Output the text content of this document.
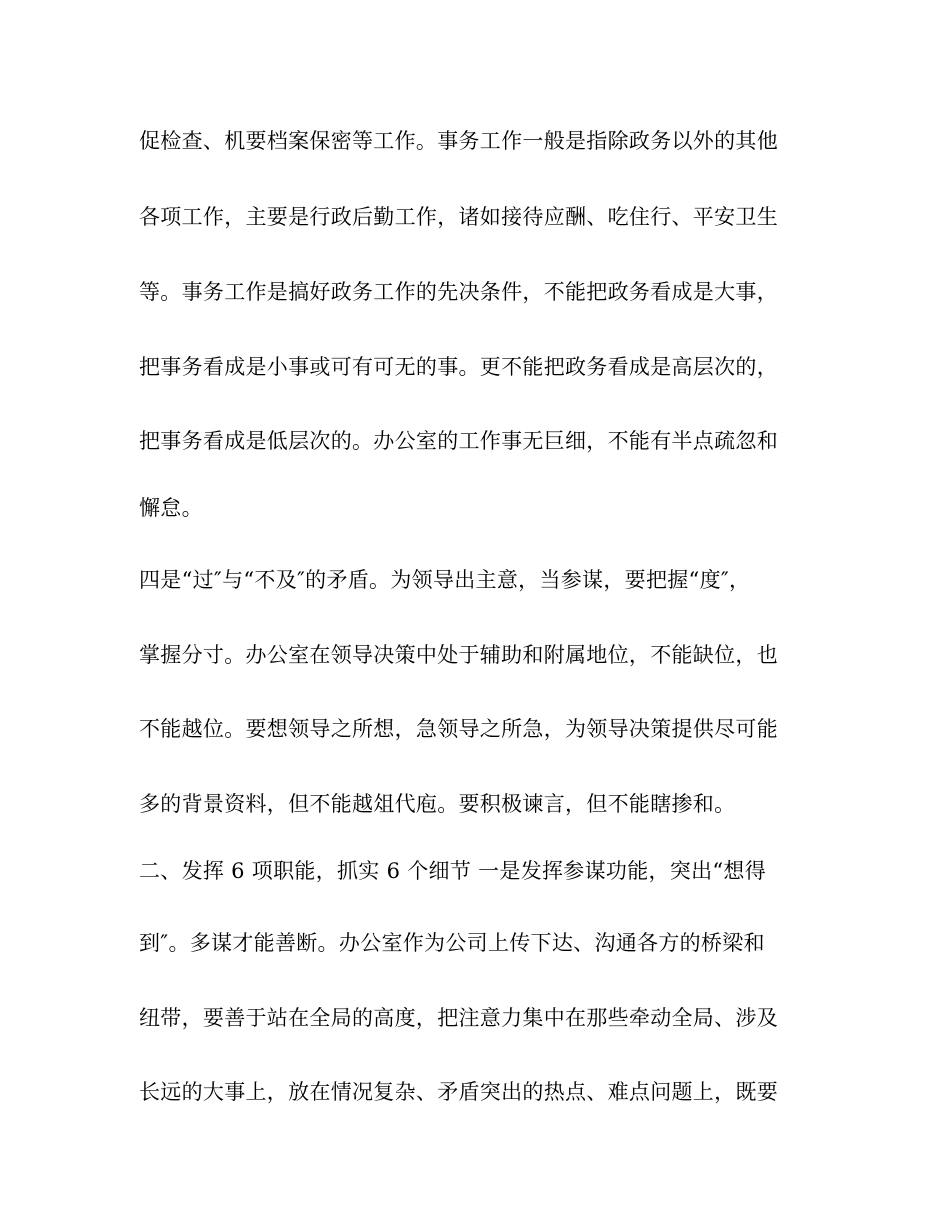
促检查、机要档案保密等工作。事务工作一般是指除政务以外的其他
各项工作，主要是行政后勤工作，诸如接待应酬、吃住行、平安卫生
等。事务工作是搞好政务工作的先决条件，不能把政务看成是大事，
把事务看成是小事或可有可无的事。更不能把政务看成是高层次的，
把事务看成是低层次的。办公室的工作事无巨细，不能有半点疏忽和
懈怠。
四是“过″与“不及″的矛盾。为领导出主意，当参谋，要把握“度″，
掌握分寸。办公室在领导决策中处于辅助和附属地位，不能缺位，也
不能越位。要想领导之所想，急领导之所急，为领导决策提供尽可能
多的背景资料，但不能越俎代庖。要积极谏言，但不能瞎掺和。
二、发挥 6 项职能，抓实 6 个细节 一是发挥参谋功能，突出“想得
到″。多谋才能善断。办公室作为公司上传下达、沟通各方的桥梁和
纽带，要善于站在全局的高度，把注意力集中在那些牵动全局、涉及
长远的大事上，放在情况复杂、矛盾突出的热点、难点问题上，既要
